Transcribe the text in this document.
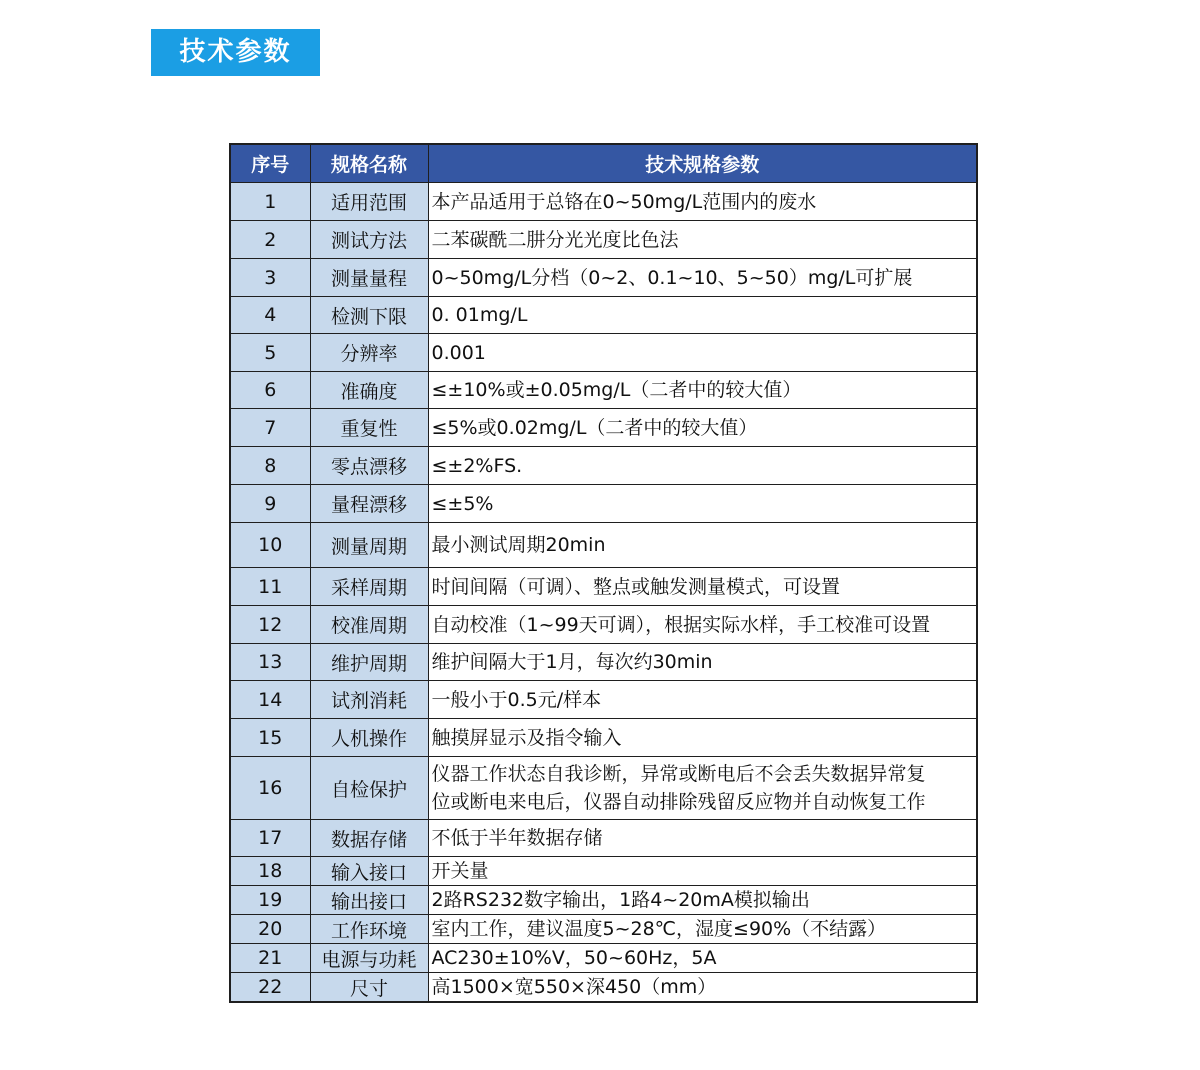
技术参数
序号	规格名称	技术规格参数
1	适用范围	本产品适用于总铬在0~50mg/L范围内的废水

2	测试方法	二苯碳酰二肼分光光度比色法

3	测量量程	0~50mg/L分档（0~2、0.1~10、5~50）mg/L可扩展

4	检测下限	0. 01mg/L

5	分辨率	0.001

6	准确度	≤±10%或±0.05mg/L（二者中的较大值）

7	重复性	≤5%或0.02mg/L（二者中的较大值）

8	零点漂移	≤±2%FS.

9	量程漂移	≤±5%

10	测量周期	最小测试周期20min

11	采样周期	时间间隔（可调）、整点或触发测量模式，可设置

12	校准周期	自动校准（1~99天可调），根据实际水样，手工校准可设置

13	维护周期	维护间隔大于1月，每次约30min

14	试剂消耗	一般小于0.5元/样本

15	人机操作	触摸屏显示及指令输入

16	自检保护	仪器工作状态自我诊断，异常或断电后不会丢失数据异常复
位或断电来电后，仪器自动排除残留反应物并自动恢复工作

17	数据存储	不低于半年数据存储

18	输入接口	开关量

19	输出接口	2路RS232数字输出，1路4~20mA模拟输出

20	工作环境	室内工作，建议温度5~28℃，湿度≤90%（不结露）

21	电源与功耗	AC230±10%V，50~60Hz，5A

22	尺寸	高1500×宽550×深450（mm）
